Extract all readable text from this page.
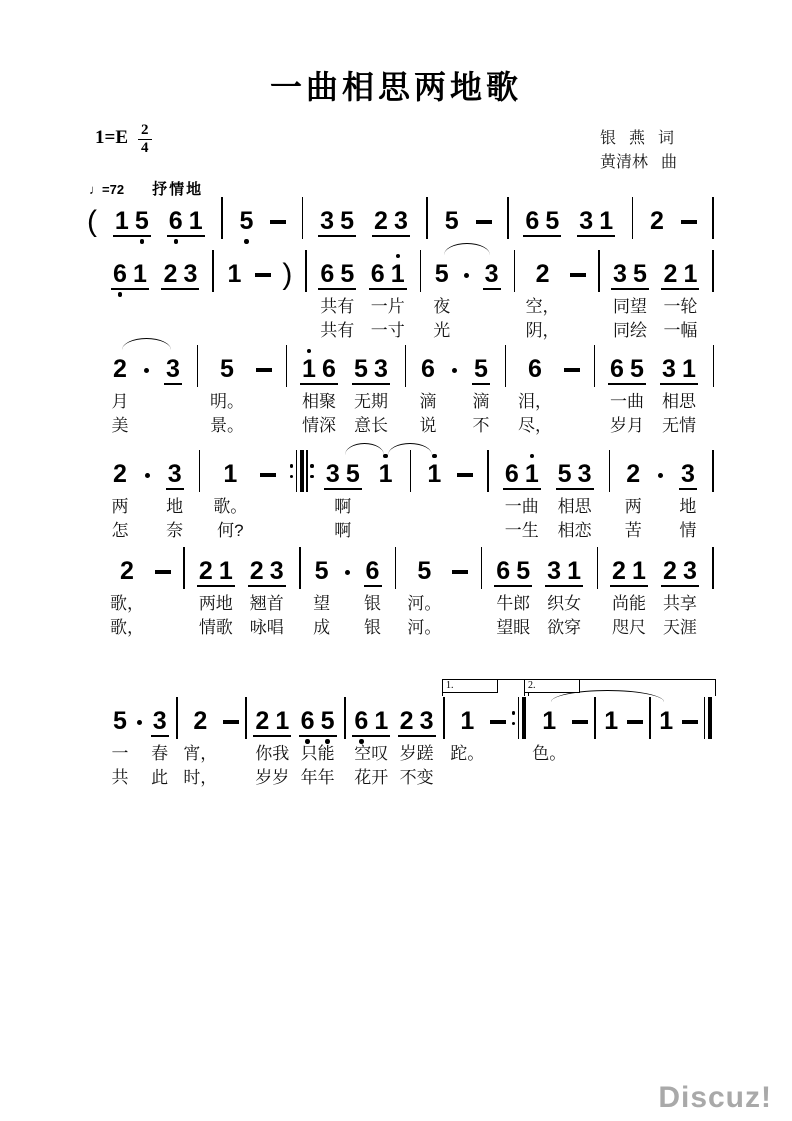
一曲相思两地歌
$1=E \frac{2}{4}$	银 燕 词
黄清林 曲
♩=72 抒情地
( 1 5 6 1 5	3 5 2 3 5	6 5 3 1 2
6 1 2 3 1 ) 6 5
共有
共有
6 1
一片
一寸
5
夜
光
3 2
空，
阴，
3 5
同望
同绘
2 1
一轮
一幅
2
月
美
3 5
明。
景。
1 6
相聚
情深
5 3
无期
意长
6
滴
说
5
滴
不
6
泪，
尽，
6 5
一曲
岁月
3 1
相思
无情
2
两
怎
3
地
奈
1
歌。
何?
3 5
啊
啊
1 1	6 1
一曲
一生
5 3
相思
相恋
2
两
苦
3
地
情
2
歌，
歌，
2 1
两地
情歌
2 3
翘首
咏唱
5
望
成
6
银
银
5
河。
河。
6 5
牛郎
望眼
3 1
织女
欲穿
2 1
尚能
咫尺
2 3
共享
天涯
5
一
共
3
春
此
2
宵，
时，
2 1
你我
岁岁
6 5
只能
年年
6 1
空叹
花开
2 3
岁蹉
不变
1
跎。
1
色。
1 1
1.	2.
Discuz!
